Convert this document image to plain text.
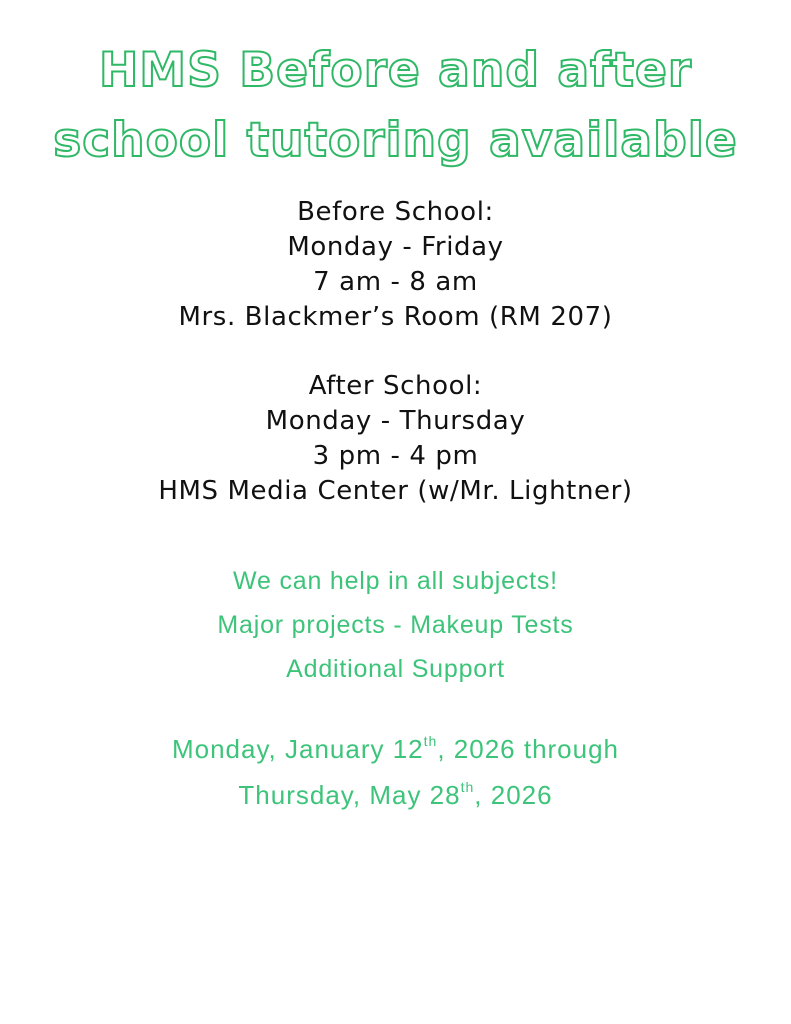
HMS Before and after
school tutoring available
Before School:
Monday - Friday
7 am - 8 am
Mrs. Blackmer’s Room (RM 207)
After School:
Monday - Thursday
3 pm - 4 pm
HMS Media Center (w/Mr. Lightner)
We can help in all subjects!
Major projects - Makeup Tests
Additional Support
Monday, January 12th, 2026 through
Thursday, May 28th, 2026
